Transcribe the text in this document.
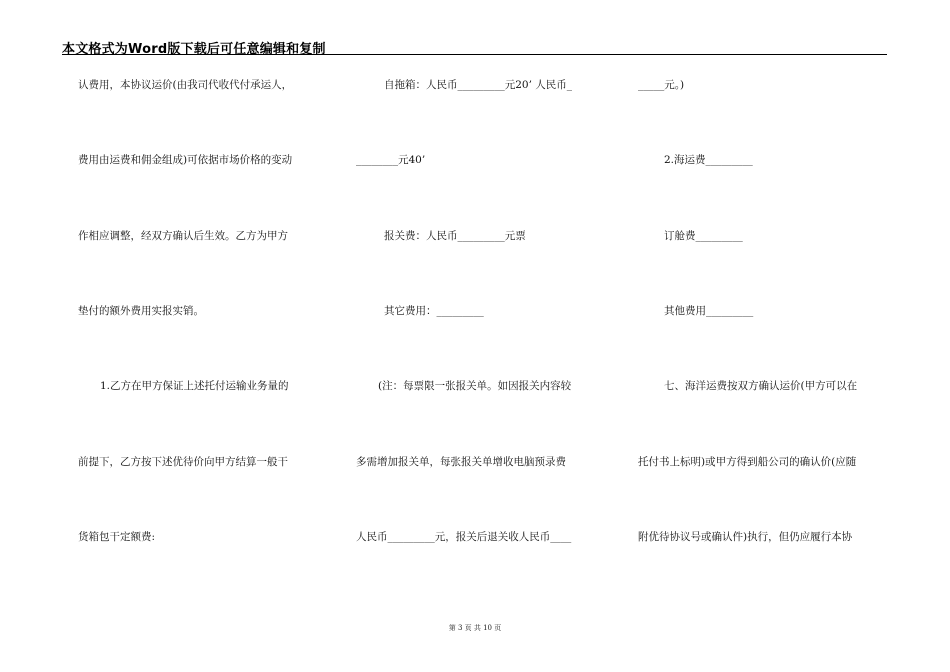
本文格式为Word版下载后可任意编辑和复制
认费用，本协议运价(由我司代收代付承运人，
费用由运费和佣金组成)可依据市场价格的变动
作相应调整，经双方确认后生效。乙方为甲方
垫付的额外费用实报实销。
1.乙方在甲方保证上述托付运输业务量的
前提下，乙方按下述优待价向甲方结算一般干
货箱包干定额费:
自拖箱：人民币_________元20’ 人民币_
________元40’
报关费：人民币_________元票
其它费用：_________
(注：每票限一张报关单。如因报关内容较
多需增加报关单，每张报关单增收电脑预录费
人民币_________元，报关后退关收人民币____
_____元。)
2.海运费_________
订舱费_________
其他费用_________
七、海洋运费按双方确认运价(甲方可以在
托付书上标明)或甲方得到船公司的确认价(应随
附优待协议号或确认件)执行，但仍应履行本协
第 3 页 共 10 页
